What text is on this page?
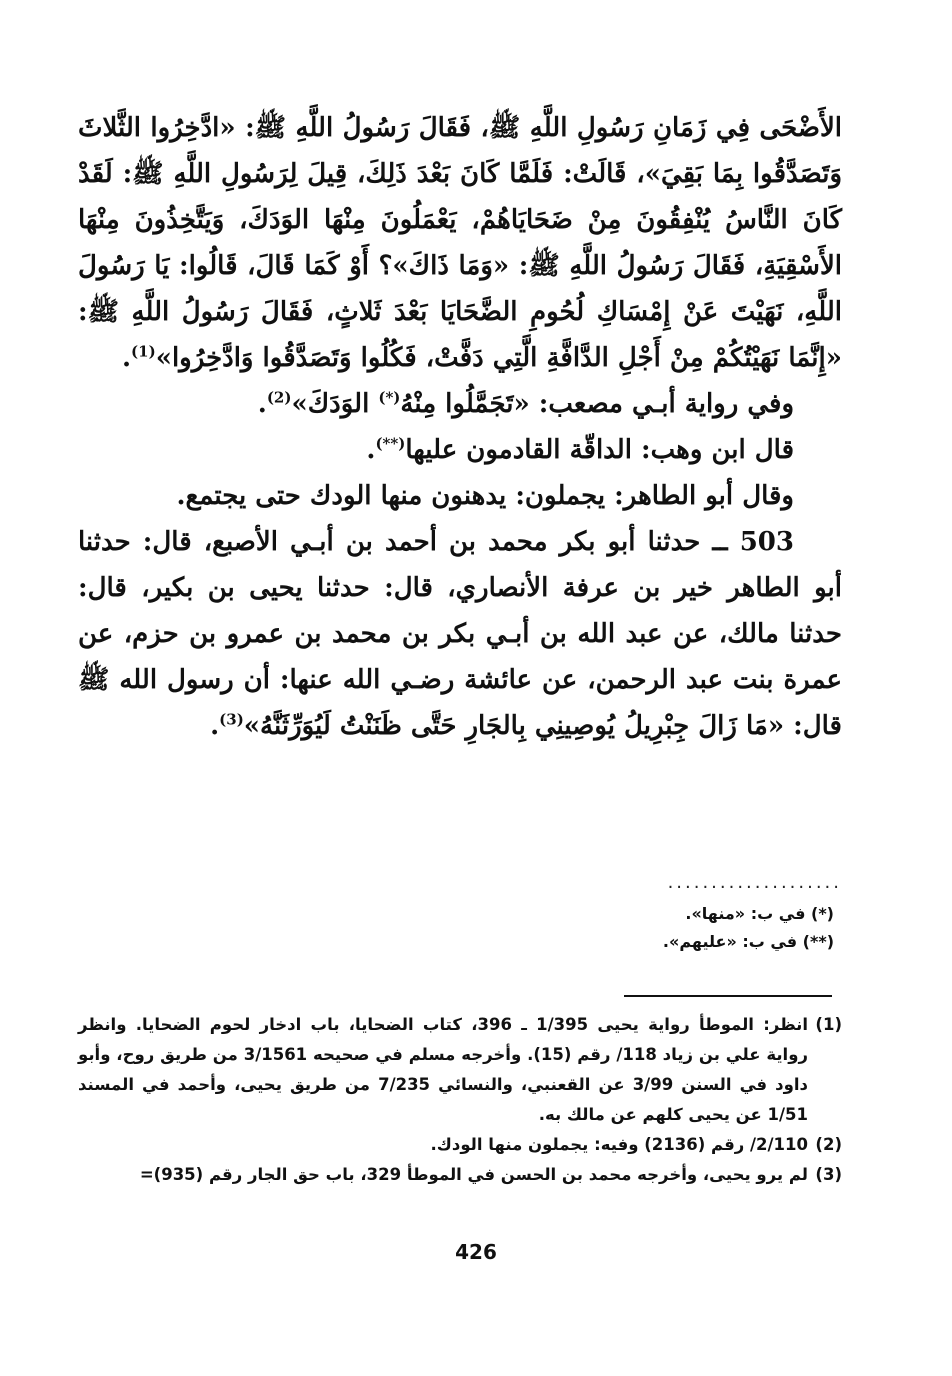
الأَضْحَى فِي زَمَانِ رَسُولِ اللَّهِ ﷺ، فَقَالَ رَسُولُ اللَّهِ ﷺ: «ادَّخِرُوا الثَّلاثَ وَتَصَدَّقُوا بِمَا بَقِيَ»، قَالَتْ: فَلَمَّا كَانَ بَعْدَ ذَلِكَ، قِيلَ لِرَسُولِ اللَّهِ ﷺ: لَقَدْ كَانَ النَّاسُ يُنْفِقُونَ مِنْ ضَحَايَاهُمْ، يَعْمَلُونَ مِنْهَا الوَدَكَ، وَيَتَّخِذُونَ مِنْهَا الأَسْقِيَةِ، فَقَالَ رَسُولُ اللَّهِ ﷺ: «وَمَا ذَاكَ»؟ أَوْ كَمَا قَالَ، قَالُوا: يَا رَسُولَ اللَّهِ، نَهَيْتَ عَنْ إِمْسَاكِ لُحُومِ الضَّحَايَا بَعْدَ ثَلاثٍ، فَقَالَ رَسُولُ اللَّهِ ﷺ: «إِنَّمَا نَهَيْتُكُمْ مِنْ أَجْلِ الدَّافَّةِ الَّتِي دَفَّتْ، فَكُلُوا وَتَصَدَّقُوا وَادَّخِرُوا»$^{(1)}$.

وفي رواية أبـي مصعب: «تَجَمَّلُوا مِنْهُ(*) الوَدَكَ»$^{(2)}$.

قال ابن وهب: الداقّة القادمون عليها(**).

وقال أبو الطاهر: يجملون: يدهنون منها الودك حتى يجتمع.

503 ــ حدثنا أبو بكر محمد بن أحمد بن أبـي الأصبع، قال: حدثنا أبو الطاهر خير بن عرفة الأنصاري، قال: حدثنا يحيى بن بكير، قال: حدثنا مالك، عن عبد الله بن أبـي بكر بن محمد بن عمرو بن حزم، عن عمرة بنت عبد الرحمن، عن عائشة رضـي الله عنها: أن رسول الله ﷺ قال: «مَا زَالَ جِبْرِيلُ يُوصِينِي بِالجَارِ حَتَّى ظَنَنْتُ لَيُوَرِّثَنَّهُ»$^{(3)}$.

....................
(*) في ب: «منها».
(**) في ب: «عليهم».
(1)
انظر: الموطأ رواية يحيى 1/395 ـ 396، كتاب الضحايا، باب ادخار لحوم الضحايا. وانظر رواية علي بن زياد 118/ رقم (15). وأخرجه مسلم في صحيحه 3/1561 من طريق روح، وأبو داود في السنن 3/99 عن القعنبي، والنسائي 7/235 من طريق يحيى، وأحمد في المسند 1/51 عن يحيى كلهم عن مالك به.
(2)
2/110/ رقم (2136) وفيه: يجملون منها الودك.
(3)
لم يرو يحيى، وأخرجه محمد بن الحسن في الموطأ 329، باب حق الجار رقم (935)=
426
